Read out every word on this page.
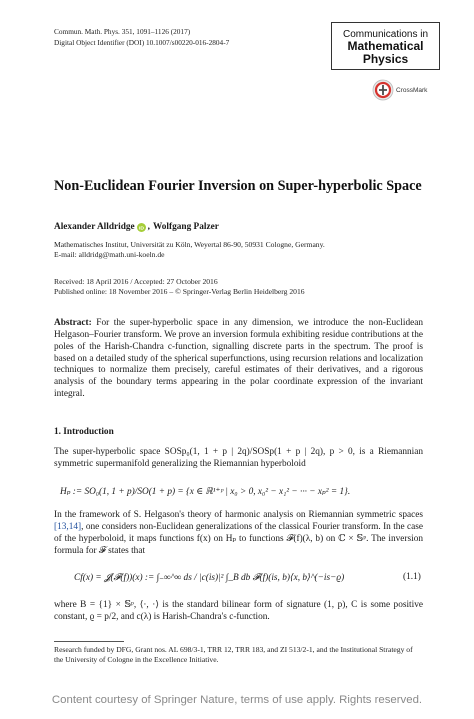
Commun. Math. Phys. 351, 1091–1126 (2017)
Digital Object Identifier (DOI) 10.1007/s00220-016-2804-7
Communications in
Mathematical
Physics
CrossMark
Non-Euclidean Fourier Inversion on Super-hyperbolic Space
Alexander Alldridge iD , Wolfgang Palzer
Mathematisches Institut, Universität zu Köln, Weyertal 86-90, 50931 Cologne, Germany.
E-mail: alldridg@math.uni-koeln.de
Received: 18 April 2016 / Accepted: 27 October 2016
Published online: 18 November 2016 – © Springer-Verlag Berlin Heidelberg 2016
Abstract: For the super-hyperbolic space in any dimension, we introduce the non-Euclidean Helgason–Fourier transform. We prove an inversion formula exhibiting residue contributions at the poles of the Harish-Chandra c-function, signalling discrete parts in the spectrum. The proof is based on a detailed study of the spherical superfunctions, using recursion relations and localization techniques to normalize them precisely, careful estimates of their derivatives, and a rigorous analysis of the boundary terms appearing in the polar coordinate expression of the invariant integral.
1. Introduction
The super-hyperbolic space SOSp₀(1, 1 + p | 2q)/SOSp(1 + p | 2q), p > 0, is a Riemannian symmetric supermanifold generalizing the Riemannian hyperboloid
Hₚ := SO₀(1, 1 + p)/SO(1 + p) = {x ∈ ℝ¹⁺ᵖ | x₀ > 0, x₀² − x₁² − ··· − xₚ² = 1}.
In the framework of S. Helgason's theory of harmonic analysis on Riemannian symmetric spaces [13,14], one considers non-Euclidean generalizations of the classical Fourier transform. In the case of the hyperboloid, it maps functions f(x) on Hₚ to functions 𝓕(f)(λ, b) on ℂ × 𝕊ᵖ. The inversion formula for 𝓕 states that
Cf(x) = 𝓙(𝓕(f))(x) := ∫₋∞^∞ ds / |c(is)|² ∫_B db 𝓕(f)(is, b)⟨x, b⟩^(−is−ϱ)	(1.1)
where B = {1} × 𝕊ᵖ, ⟨·, ·⟩ is the standard bilinear form of signature (1, p), C is some positive constant, ϱ = p/2, and c(λ) is Harish-Chandra's c-function.
Research funded by DFG, Grant nos. AL 698/3-1, TRR 12, TRR 183, and ZI 513/2-1, and the Institutional Strategy of the University of Cologne in the Excellence Initiative.
Content courtesy of Springer Nature, terms of use apply. Rights reserved.
